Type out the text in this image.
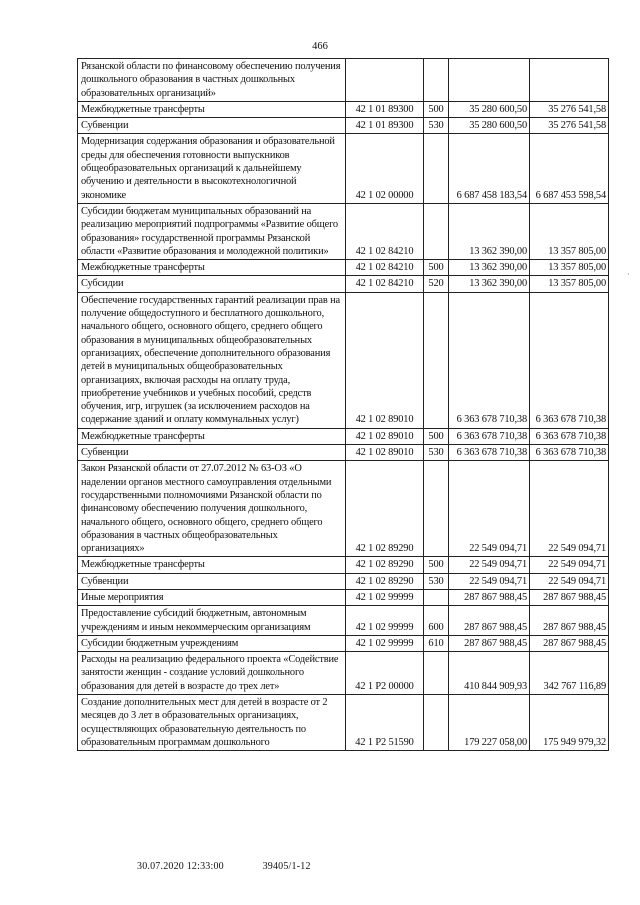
466
Рязанской области по финансовому обеспечению получения дошкольного образования в частных дошкольных образовательных организаций»				
Межбюджетные трансферты	42 1 01 89300	500	35 280 600,50	35 276 541,58
Субвенции	42 1 01 89300	530	35 280 600,50	35 276 541,58
Модернизация содержания образования и образовательной среды для обеспечения готовности выпускников общеобразовательных организаций к дальнейшему обучению и деятельности в высокотехнологичной экономике	42 1 02 00000		6 687 458 183,54	6 687 453 598,54
Субсидии бюджетам муниципальных образований на реализацию мероприятий подпрограммы «Развитие общего образования» государственной программы Рязанской области «Развитие образования и молодежной политики»	42 1 02 84210		13 362 390,00	13 357 805,00
Межбюджетные трансферты	42 1 02 84210	500	13 362 390,00	13 357 805,00
Субсидии	42 1 02 84210	520	13 362 390,00	13 357 805,00
Обеспечение государственных гарантий реализации прав на получение общедоступного и бесплатного дошкольного, начального общего, основного общего, среднего общего образования в муниципальных общеобразовательных организациях, обеспечение дополнительного образования детей в муниципальных общеобразовательных организациях, включая расходы на оплату труда, приобретение учебников и учебных пособий, средств обучения, игр, игрушек (за исключением расходов на содержание зданий и оплату коммунальных услуг)	42 1 02 89010		6 363 678 710,38	6 363 678 710,38
Межбюджетные трансферты	42 1 02 89010	500	6 363 678 710,38	6 363 678 710,38
Субвенции	42 1 02 89010	530	6 363 678 710,38	6 363 678 710,38
Закон Рязанской области от 27.07.2012 № 63-ОЗ «О наделении органов местного самоуправления отдельными государственными полномочиями Рязанской области по финансовому обеспечению получения дошкольного, начального общего, основного общего, среднего общего образования в частных общеобразовательных организациях»	42 1 02 89290		22 549 094,71	22 549 094,71
Межбюджетные трансферты	42 1 02 89290	500	22 549 094,71	22 549 094,71
Субвенции	42 1 02 89290	530	22 549 094,71	22 549 094,71
Иные мероприятия	42 1 02 99999		287 867 988,45	287 867 988,45
Предоставление субсидий бюджетным, автономным учреждениям и иным некоммерческим организациям	42 1 02 99999	600	287 867 988,45	287 867 988,45
Субсидии бюджетным учреждениям	42 1 02 99999	610	287 867 988,45	287 867 988,45
Расходы на реализацию федерального проекта «Содействие занятости женщин - создание условий дошкольного образования для детей в возрасте до трех лет»	42 1 P2 00000		410 844 909,93	342 767 116,89
Создание дополнительных мест для детей в возрасте от 2 месяцев до 3 лет в образовательных организациях, осуществляющих образовательную деятельность по образовательным программам дошкольного	42 1 P2 51590		179 227 058,00	175 949 979,32
30.07.2020 12:33:00	39405/1-12
·
